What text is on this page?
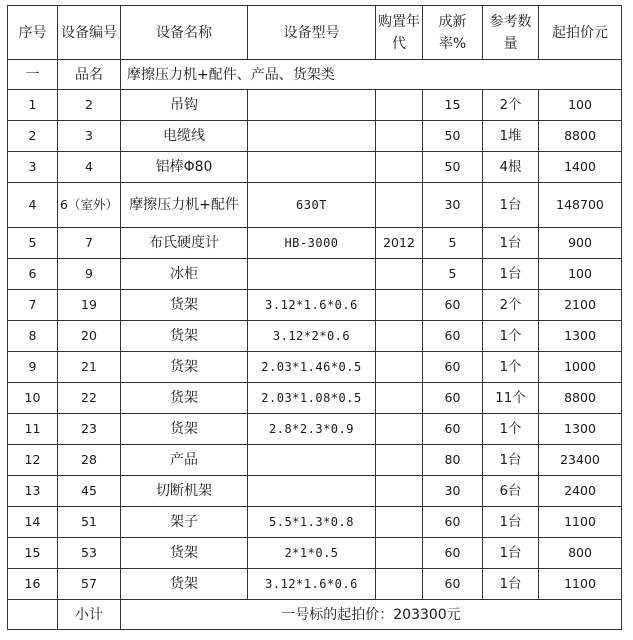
序号	设备编号	设备名称	设备型号	购置年代	成新率%	参考数量	起拍价元
一	品名	摩擦压力机+配件、产品、货架类					
1	2	吊钩			15	2个	100
2	3	电缆线			50	1堆	8800
3	4	铝棒Φ80			50	4根	1400
4	6（室外）	摩擦压力机+配件	630T		30	1台	148700
5	7	布氏硬度计	HB-3000	2012	5	1台	900
6	9	冰柜			5	1台	100
7	19	货架	3.12*1.6*0.6		60	2个	2100
8	20	货架	3.12*2*0.6		60	1个	1300
9	21	货架	2.03*1.46*0.5		60	1个	1000
10	22	货架	2.03*1.08*0.5		60	11个	8800
11	23	货架	2.8*2.3*0.9		60	1个	1300
12	28	产品			80	1台	23400
13	45	切断机架			30	6台	2400
14	51	架子	5.5*1.3*0.8		60	1台	1100
15	53	货架	2*1*0.5		60	1台	800
16	57	货架	3.12*1.6*0.6		60	1台	1100
	小计	一号标的起拍价：203300元					
